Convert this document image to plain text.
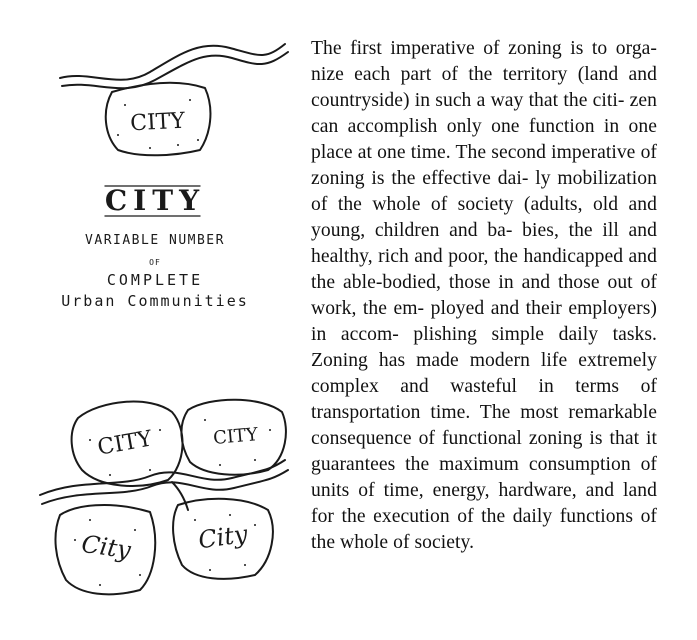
CITY
CITY	CITY
City	City
CITY
VARIABLE NUMBER
OF
COMPLETE
Urban Communities
The first imperative of zoning is to orga- nize each part of the territory (land and countryside) in such a way that the citi- zen can accomplish only one function in one place at one time. The second imperative of zoning is the effective dai- ly mobilization of the whole of society (adults, old and young, children and ba- bies, the ill and healthy, rich and poor, the handicapped and the able-bodied, those in and those out of work, the em- ployed and their employers) in accom- plishing simple daily tasks. Zoning has made modern life extremely complex and wasteful in terms of transportation time. The most remarkable consequence of functional zoning is that it guarantees the maximum consumption of units of time, energy, hardware, and land for the execution of the daily functions of the whole of society.
